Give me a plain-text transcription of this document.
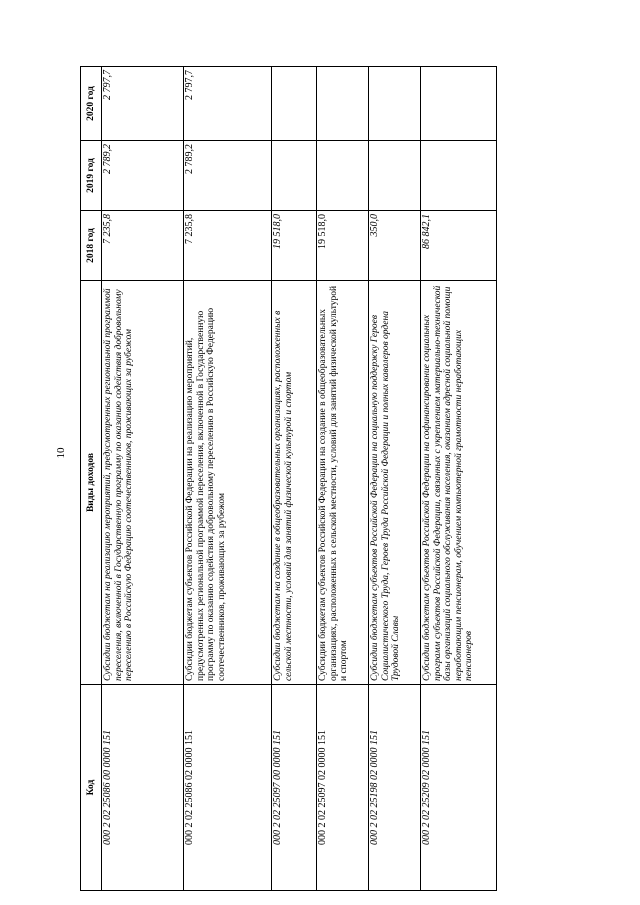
10
Код	Виды доходов	2018 год	2019 год	2020 год
000 2 02 25086 00 0000 151	Субсидии бюджетам на реализацию мероприятий, предусмотренных региональной программой переселения, включенной в Государственную программу по оказанию содействия добровольному переселению в Российскую Федерацию соотечественников, проживающих за рубежом	7 235,8	2 789,2	2 797,7
000 2 02 25086 02 0000 151	Субсидии бюджетам субъектов Российской Федерации на реализацию мероприятий, предусмотренных региональной программой переселения, включенной в Государственную программу по оказанию содействия добровольному переселению в Российскую Федерацию соотечественников, проживающих за рубежом	7 235,8	2 789,2	2 797,7
000 2 02 25097 00 0000 151	Субсидии бюджетам на создание в общеобразовательных организациях, расположенных в сельской местности, условий для занятий физической культурой и спортом	19 518,0		
000 2 02 25097 02 0000 151	Субсидии бюджетам субъектов Российской Федерации на создание в общеобразовательных организациях, расположенных в сельской местности, условий для занятий физической культурой и спортом	19 518,0		
000 2 02 25198 02 0000 151	Субсидии бюджетам субъектов Российской Федерации на социальную поддержку Героев Социалистического Труда, Героев Труда Российской Федерации и полных кавалеров ордена Трудовой Славы	350,0		
000 2 02 25209 02 0000 151	Субсидии бюджетам субъектов Российской Федерации на софинансирование социальных программ субъектов Российской Федерации, связанных с укреплением материально-технической базы организаций социального обслуживания населения, оказанием адресной социальной помощи неработающим пенсионерам, обучением компьютерной грамотности неработающих пенсионеров	86 842,1		
